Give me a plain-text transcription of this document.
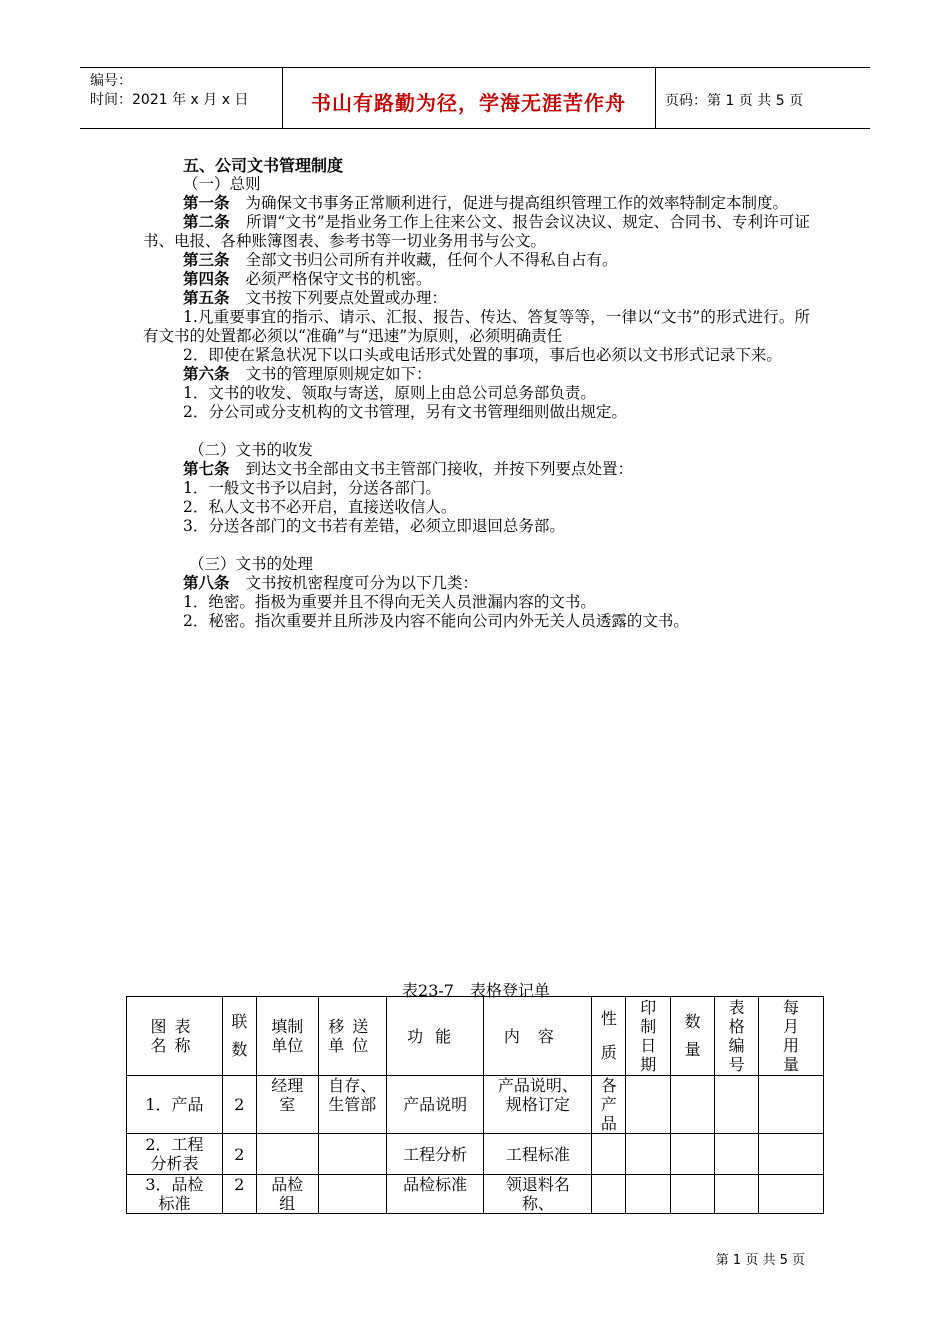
编号：
时间：2021 年 x 月 x 日	书山有路勤为径，学海无涯苦作舟	页码：第 1 页 共 5 页

五、公司文书管理制度

（一）总则

第一条 为确保文书事务正常顺利进行，促进与提高组织管理工作的效率特制定本制度。

第二条 所谓“文书”是指业务工作上往来公文、报告会议决议、规定、合同书、专利许可证书、电报、各种账簿图表、参考书等一切业务用书与公文。

第三条 全部文书归公司所有并收藏，任何个人不得私自占有。

第四条 必须严格保守文书的机密。

第五条 文书按下列要点处置或办理：

1.凡重要事宜的指示、请示、汇报、报告、传达、答复等等，一律以“文书”的形式进行。所有文书的处置都必须以“准确”与“迅速”为原则，必须明确责任

2．即使在紧急状况下以口头或电话形式处置的事项，事后也必须以文书形式记录下来。

第六条 文书的管理原则规定如下：

1．文书的收发、领取与寄送，原则上由总公司总务部负责。

2．分公司或分支机构的文书管理，另有文书管理细则做出规定。

（二）文书的收发

第七条 到达文书全部由文书主管部门接收，并按下列要点处置：

1．一般文书予以启封，分送各部门。

2．私人文书不必开启，直接送收信人。

3．分送各部门的文书若有差错，必须立即退回总务部。

（三）文书的处理

第八条 文书按机密程度可分为以下几类：

1．绝密。指极为重要并且不得向无关人员泄漏内容的文书。

2．秘密。指次重要并且所涉及内容不能向公司内外无关人员透露的文书。

表23-7　表格登记单
图表名称	联数	填制单位	移送单位	功能	内容	性质	印制日期	数量	表格编号	每月用量
1．产品	2	经理室	自存、生管部	产品说明	产品说明、规格订定	各产品				
2．工程分析表	2			工程分析	工程标准					
3．品检标准	2	品检组		品检标准	领退料名称、					
第 1 页 共 5 页
